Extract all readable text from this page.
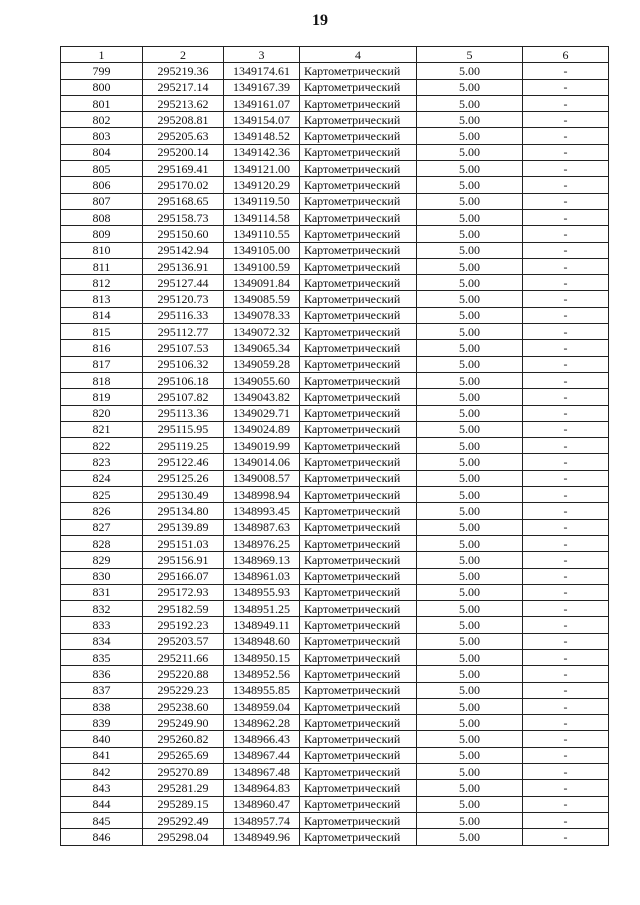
19
1	2	3	4	5	6
799	295219.36	1349174.61	Картометрический	5.00	-
800	295217.14	1349167.39	Картометрический	5.00	-
801	295213.62	1349161.07	Картометрический	5.00	-
802	295208.81	1349154.07	Картометрический	5.00	-
803	295205.63	1349148.52	Картометрический	5.00	-
804	295200.14	1349142.36	Картометрический	5.00	-
805	295169.41	1349121.00	Картометрический	5.00	-
806	295170.02	1349120.29	Картометрический	5.00	-
807	295168.65	1349119.50	Картометрический	5.00	-
808	295158.73	1349114.58	Картометрический	5.00	-
809	295150.60	1349110.55	Картометрический	5.00	-
810	295142.94	1349105.00	Картометрический	5.00	-
811	295136.91	1349100.59	Картометрический	5.00	-
812	295127.44	1349091.84	Картометрический	5.00	-
813	295120.73	1349085.59	Картометрический	5.00	-
814	295116.33	1349078.33	Картометрический	5.00	-
815	295112.77	1349072.32	Картометрический	5.00	-
816	295107.53	1349065.34	Картометрический	5.00	-
817	295106.32	1349059.28	Картометрический	5.00	-
818	295106.18	1349055.60	Картометрический	5.00	-
819	295107.82	1349043.82	Картометрический	5.00	-
820	295113.36	1349029.71	Картометрический	5.00	-
821	295115.95	1349024.89	Картометрический	5.00	-
822	295119.25	1349019.99	Картометрический	5.00	-
823	295122.46	1349014.06	Картометрический	5.00	-
824	295125.26	1349008.57	Картометрический	5.00	-
825	295130.49	1348998.94	Картометрический	5.00	-
826	295134.80	1348993.45	Картометрический	5.00	-
827	295139.89	1348987.63	Картометрический	5.00	-
828	295151.03	1348976.25	Картометрический	5.00	-
829	295156.91	1348969.13	Картометрический	5.00	-
830	295166.07	1348961.03	Картометрический	5.00	-
831	295172.93	1348955.93	Картометрический	5.00	-
832	295182.59	1348951.25	Картометрический	5.00	-
833	295192.23	1348949.11	Картометрический	5.00	-
834	295203.57	1348948.60	Картометрический	5.00	-
835	295211.66	1348950.15	Картометрический	5.00	-
836	295220.88	1348952.56	Картометрический	5.00	-
837	295229.23	1348955.85	Картометрический	5.00	-
838	295238.60	1348959.04	Картометрический	5.00	-
839	295249.90	1348962.28	Картометрический	5.00	-
840	295260.82	1348966.43	Картометрический	5.00	-
841	295265.69	1348967.44	Картометрический	5.00	-
842	295270.89	1348967.48	Картометрический	5.00	-
843	295281.29	1348964.83	Картометрический	5.00	-
844	295289.15	1348960.47	Картометрический	5.00	-
845	295292.49	1348957.74	Картометрический	5.00	-
846	295298.04	1348949.96	Картометрический	5.00	-
